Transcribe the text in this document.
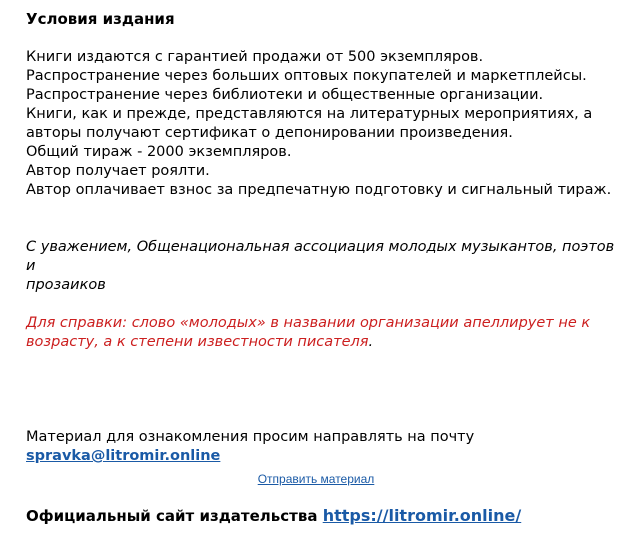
Условия издания
Книги издаются с гарантией продажи от 500 экземпляров.
Распространение через больших оптовых покупателей и маркетплейсы.
Распространение через библиотеки и общественные организации.
Книги, как и прежде, представляются на литературных мероприятиях, а
авторы получают сертификат о депонировании произведения.
Общий тираж - 2000 экземпляров.
Автор получает роялти.
Автор оплачивает взнос за предпечатную подготовку и сигнальный тираж.
С уважением, Общенациональная ассоциация молодых музыкантов, поэтов и
прозаиков
Для справки: слово «молодых» в названии организации апеллирует не к
возрасту, а к степени известности писателя.
Материал для ознакомления просим направлять на почту
spravka@litromir.online
Отправить материал
Официальный сайт издательства https://litromir.online/
